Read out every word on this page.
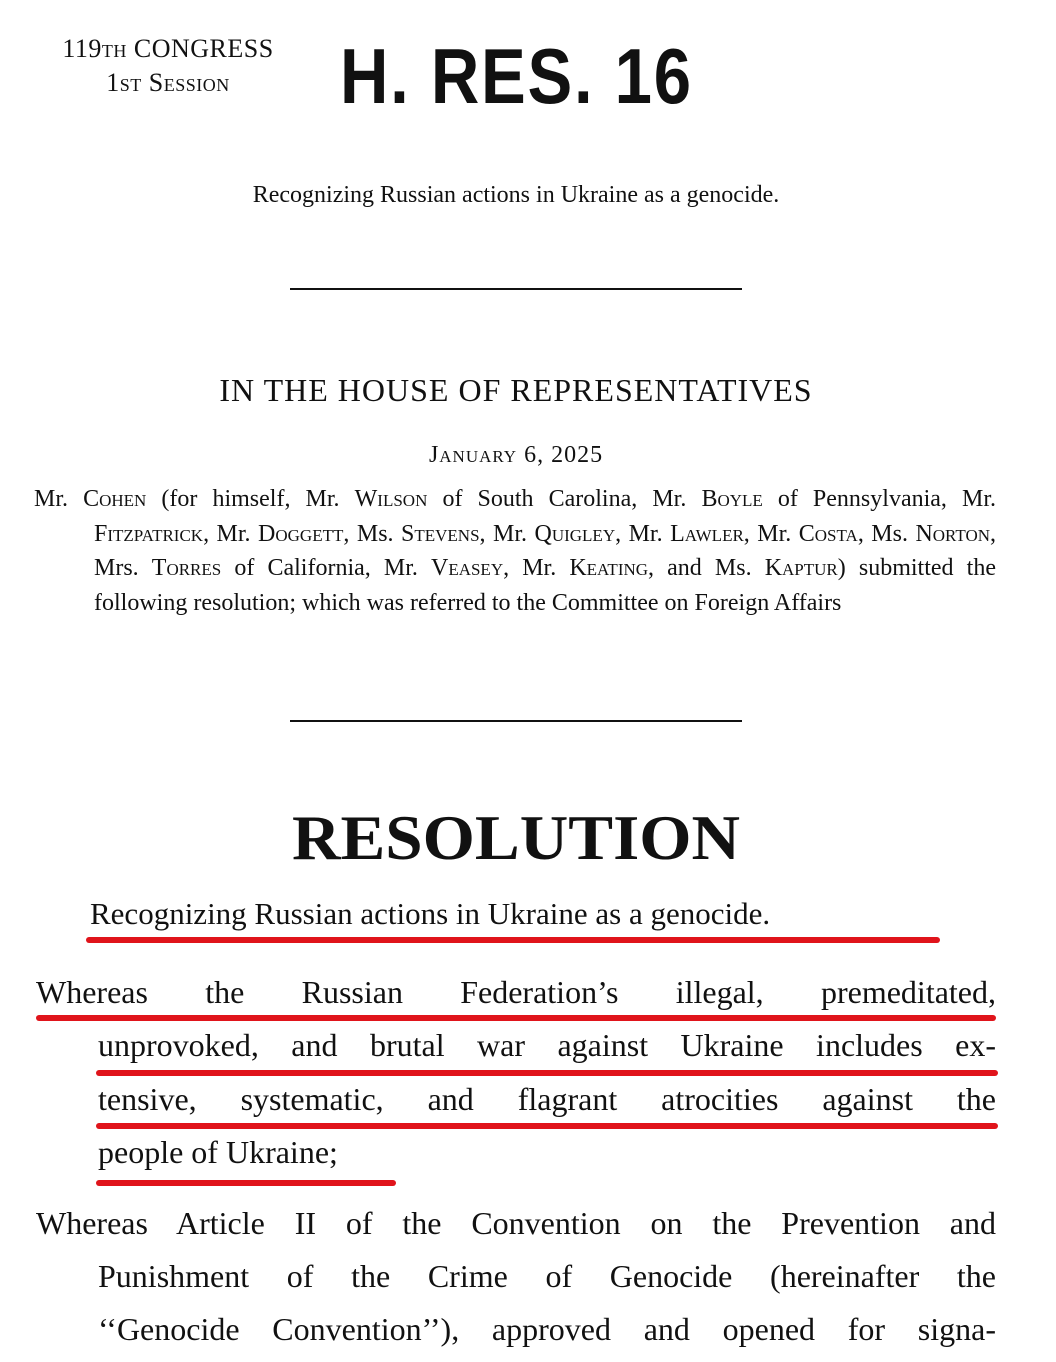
119th CONGRESS
1st Session	H. RES. 16
Recognizing Russian actions in Ukraine as a genocide.
IN THE HOUSE OF REPRESENTATIVES
January 6, 2025
Mr. Cohen (for himself, Mr. Wilson of South Carolina, Mr. Boyle of Pennsylvania, Mr. Fitzpatrick, Mr. Doggett, Ms. Stevens, Mr. Quigley, Mr. Lawler, Mr. Costa, Ms. Norton, Mrs. Torres of California, Mr. Veasey, Mr. Keating, and Ms. Kaptur) submitted the following resolution; which was referred to the Committee on Foreign Affairs
RESOLUTION
Recognizing Russian actions in Ukraine as a genocide.
Whereas the Russian Federation’s illegal, premeditated,
unprovoked, and brutal war against Ukraine includes ex-
tensive, systematic, and flagrant atrocities against the
people of Ukraine;
Whereas Article II of the Convention on the Prevention and
Punishment of the Crime of Genocide (hereinafter the
‘‘Genocide Convention’’), approved and opened for signa-
